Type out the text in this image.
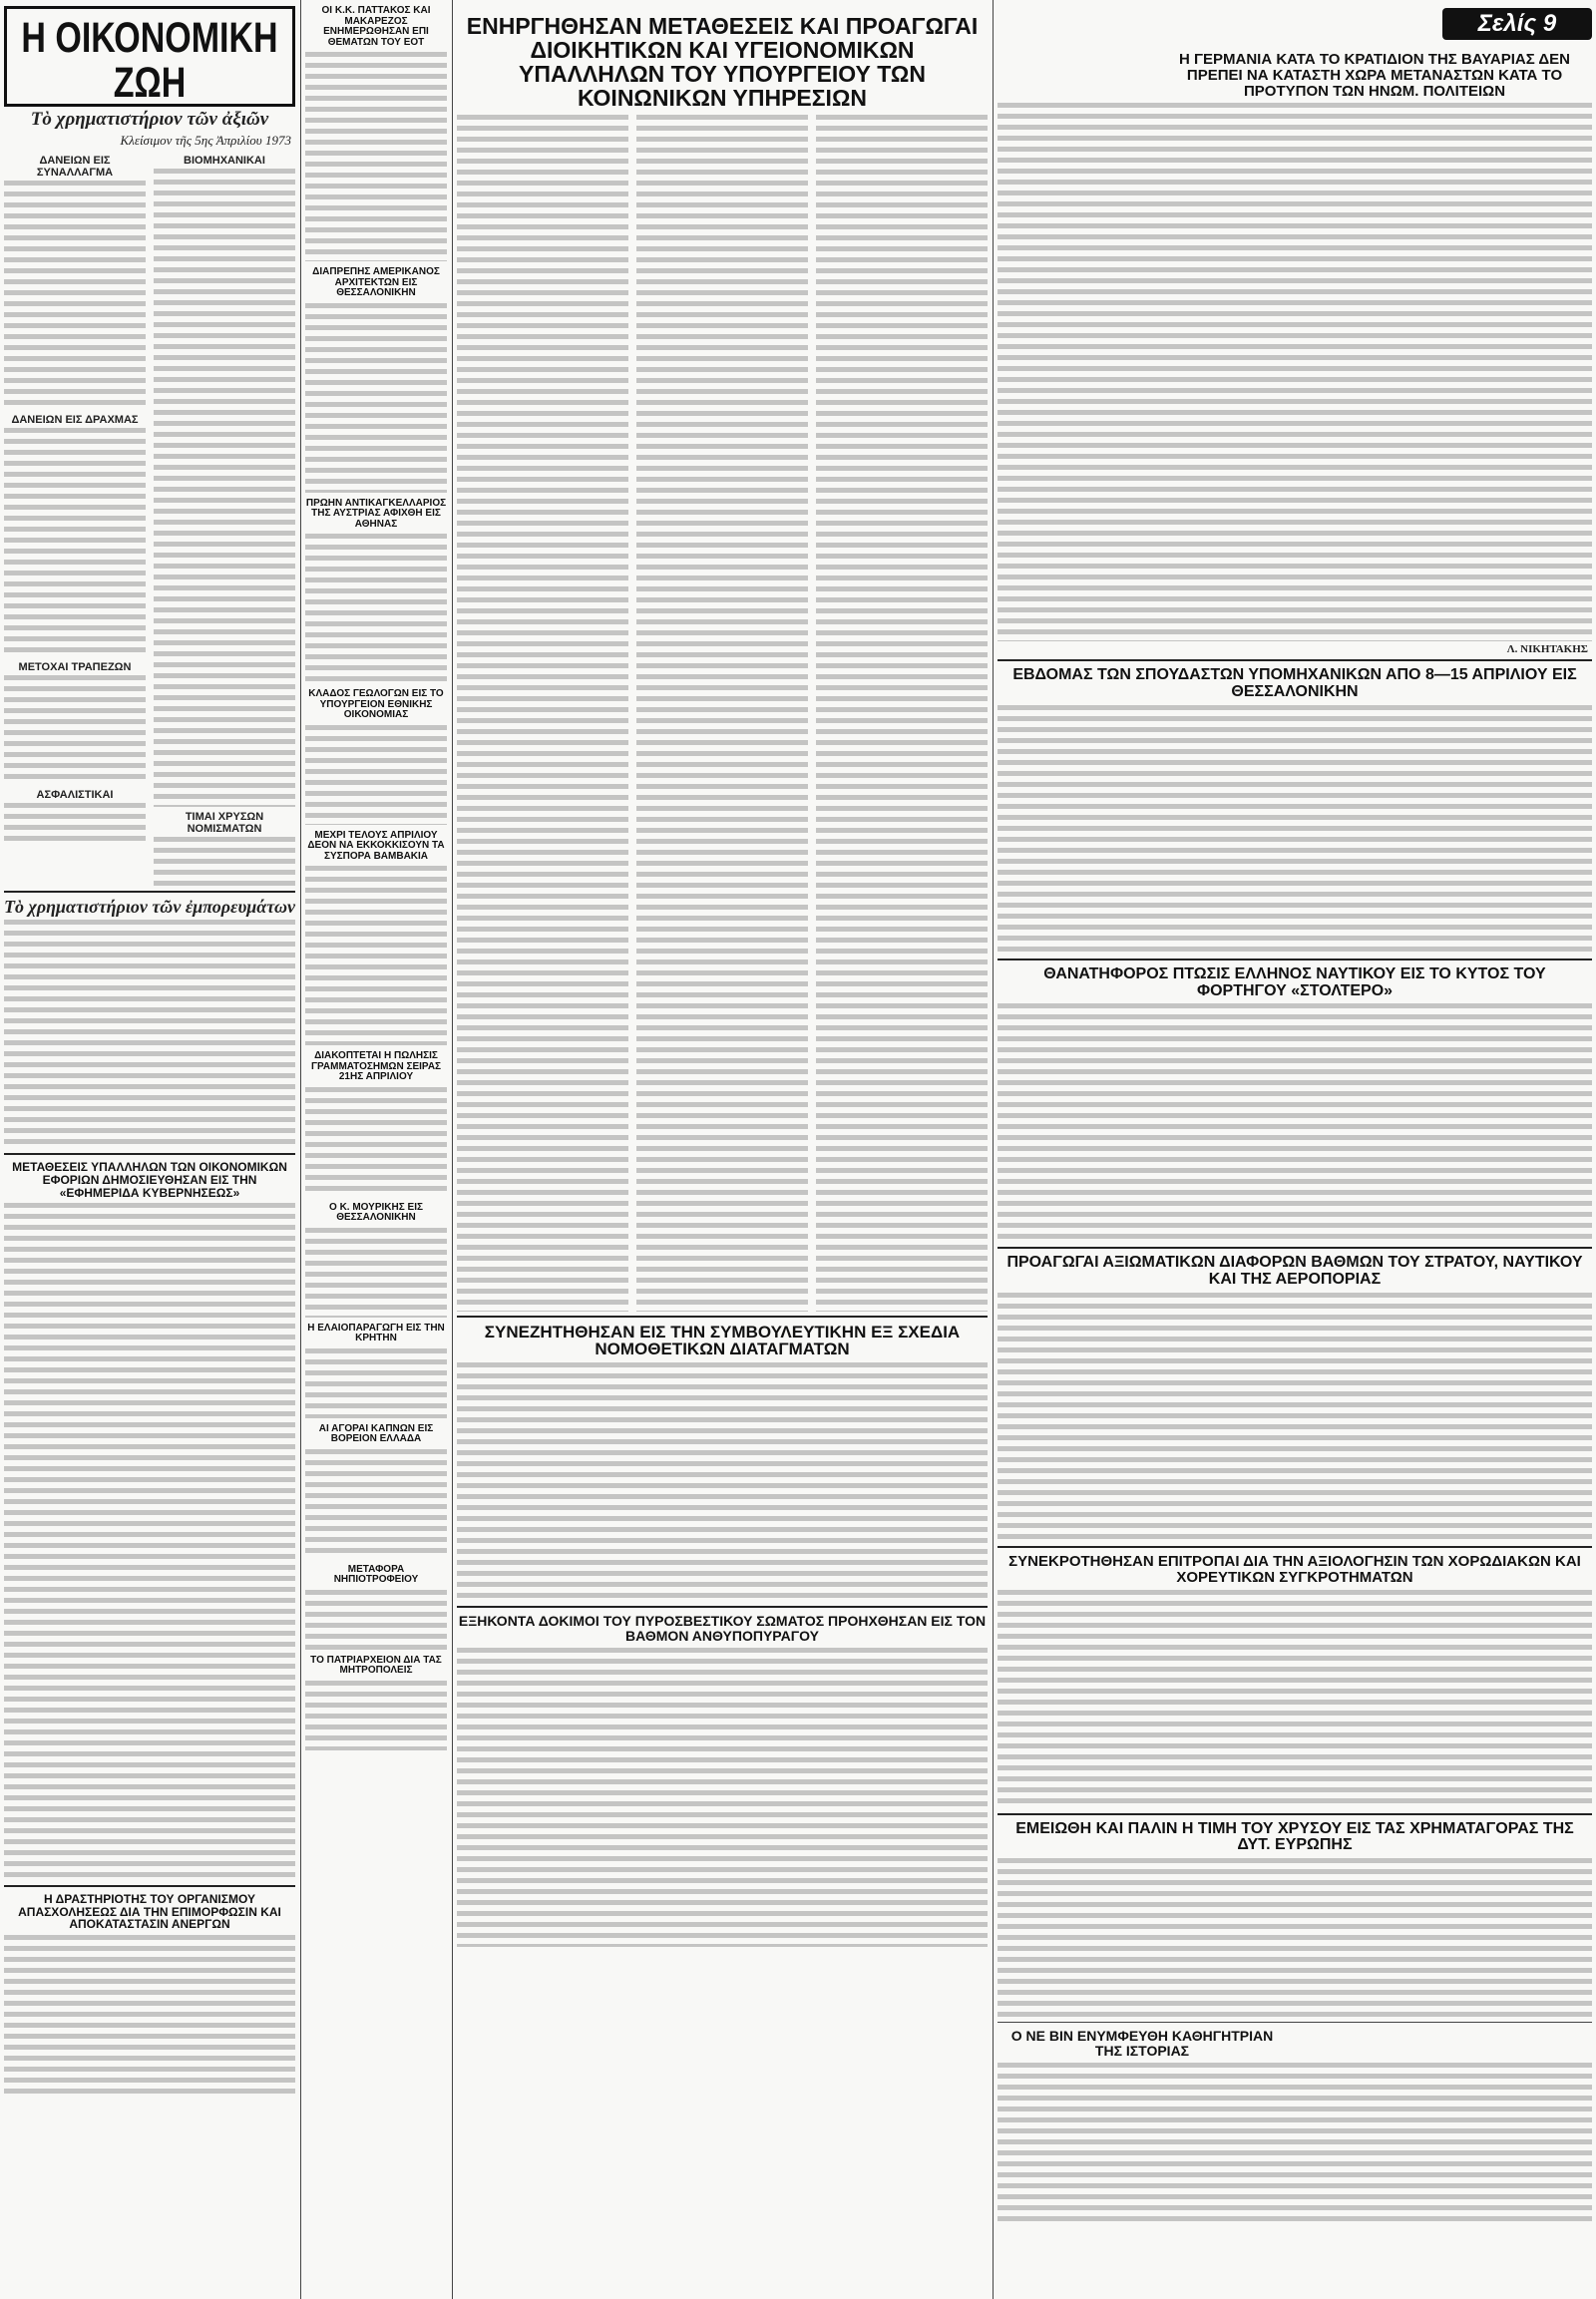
Σελίς 9
Η ΟΙΚΟΝΟΜΙΚΗ ΖΩΗ
Τὸ χρηματιστήριον τῶν ἀξιῶν
Κλείσιμον τῆς 5ης Ἀπριλίου 1973
ΔΑΝΕΙΩΝ ΕΙΣ ΣΥΝΑΛΛΑΓΜΑ
ΔΑΝΕΙΩΝ ΕΙΣ ΔΡΑΧΜΑΣ
ΜΕΤΟΧΑΙ ΤΡΑΠΕΖΩΝ
ΑΣΦΑΛΙΣΤΙΚΑΙ
ΒΙΟΜΗΧΑΝΙΚΑΙ
ΤΙΜΑΙ ΧΡΥΣΩΝ ΝΟΜΙΣΜΑΤΩΝ
Τὸ χρηματιστήριον τῶν ἐμπορευμάτων
ΜΕΤΑΘΕΣΕΙΣ ΥΠΑΛΛΗΛΩΝ ΤΩΝ ΟΙΚΟΝΟΜΙΚΩΝ ΕΦΟΡΙΩΝ ΔΗΜΟΣΙΕΥΘΗΣΑΝ ΕΙΣ ΤΗΝ «ΕΦΗΜΕΡΙΔΑ ΚΥΒΕΡΝΗΣΕΩΣ»
Η ΔΡΑΣΤΗΡΙΟΤΗΣ ΤΟΥ ΟΡΓΑΝΙΣΜΟΥ ΑΠΑΣΧΟΛΗΣΕΩΣ ΔΙΑ ΤΗΝ ΕΠΙΜΟΡΦΩΣΙΝ ΚΑΙ ΑΠΟΚΑΤΑΣΤΑΣΙΝ ΑΝΕΡΓΩΝ
ΟΙ Κ.Κ. ΠΑΤΤΑΚΟΣ ΚΑΙ ΜΑΚΑΡΕΖΟΣ ΕΝΗΜΕΡΩΘΗΣΑΝ ΕΠΙ ΘΕΜΑΤΩΝ ΤΟΥ ΕΟΤ
ΔΙΑΠΡΕΠΗΣ ΑΜΕΡΙΚΑΝΟΣ ΑΡΧΙΤΕΚΤΩΝ ΕΙΣ ΘΕΣΣΑΛΟΝΙΚΗΝ
ΠΡΩΗΝ ΑΝΤΙΚΑΓΚΕΛΛΑΡΙΟΣ ΤΗΣ ΑΥΣΤΡΙΑΣ ΑΦΙΧΘΗ ΕΙΣ ΑΘΗΝΑΣ
ΚΛΑΔΟΣ ΓΕΩΛΟΓΩΝ ΕΙΣ ΤΟ ΥΠΟΥΡΓΕΙΟΝ ΕΘΝΙΚΗΣ ΟΙΚΟΝΟΜΙΑΣ
ΜΕΧΡΙ ΤΕΛΟΥΣ ΑΠΡΙΛΙΟΥ ΔΕΟΝ ΝΑ ΕΚΚΟΚΚΙΣΟΥΝ ΤΑ ΣΥΣΠΟΡΑ ΒΑΜΒΑΚΙΑ
ΔΙΑΚΟΠΤΕΤΑΙ Η ΠΩΛΗΣΙΣ ΓΡΑΜΜΑΤΟΣΗΜΩΝ ΣΕΙΡΑΣ 21ΗΣ ΑΠΡΙΛΙΟΥ
Ο Κ. ΜΟΥΡΙΚΗΣ ΕΙΣ ΘΕΣΣΑΛΟΝΙΚΗΝ
Η ΕΛΑΙΟΠΑΡΑΓΩΓΗ ΕΙΣ ΤΗΝ ΚΡΗΤΗΝ
ΑΙ ΑΓΟΡΑΙ ΚΑΠΝΩΝ ΕΙΣ ΒΟΡΕΙΟΝ ΕΛΛΑΔΑ
ΜΕΤΑΦΟΡΑ ΝΗΠΙΟΤΡΟΦΕΙΟΥ
ΤΟ ΠΑΤΡΙΑΡΧΕΙΟΝ ΔΙΑ ΤΑΣ ΜΗΤΡΟΠΟΛΕΙΣ
ΕΝΗΡΓΗΘΗΣΑΝ ΜΕΤΑΘΕΣΕΙΣ ΚΑΙ ΠΡΟΑΓΩΓΑΙ ΔΙΟΙΚΗΤΙΚΩΝ ΚΑΙ ΥΓΕΙΟΝΟΜΙΚΩΝ ΥΠΑΛΛΗΛΩΝ ΤΟΥ ΥΠΟΥΡΓΕΙΟΥ ΤΩΝ ΚΟΙΝΩΝΙΚΩΝ ΥΠΗΡΕΣΙΩΝ
ΣΥΝΕΖΗΤΗΘΗΣΑΝ ΕΙΣ ΤΗΝ ΣΥΜΒΟΥΛΕΥΤΙΚΗΝ ΕΞ ΣΧΕΔΙΑ ΝΟΜΟΘΕΤΙΚΩΝ ΔΙΑΤΑΓΜΑΤΩΝ
ΕΞΗΚΟΝΤΑ ΔΟΚΙΜΟΙ ΤΟΥ ΠΥΡΟΣΒΕΣΤΙΚΟΥ ΣΩΜΑΤΟΣ ΠΡΟΗΧΘΗΣΑΝ ΕΙΣ ΤΟΝ ΒΑΘΜΟΝ ΑΝΘΥΠΟΠΥΡΑΓΟΥ
Η ΓΕΡΜΑΝΙΑ ΚΑΤΑ ΤΟ ΚΡΑΤΙΔΙΟΝ ΤΗΣ ΒΑΥΑΡΙΑΣ ΔΕΝ ΠΡΕΠΕΙ ΝΑ ΚΑΤΑΣΤΗ ΧΩΡΑ ΜΕΤΑΝΑΣΤΩΝ ΚΑΤΑ ΤΟ ΠΡΟΤΥΠΟΝ ΤΩΝ ΗΝΩΜ. ΠΟΛΙΤΕΙΩΝ
Λ. ΝΙΚΗΤΑΚΗΣ
ΕΒΔΟΜΑΣ ΤΩΝ ΣΠΟΥΔΑΣΤΩΝ ΥΠΟΜΗΧΑΝΙΚΩΝ ΑΠΟ 8—15 ΑΠΡΙΛΙΟΥ ΕΙΣ ΘΕΣΣΑΛΟΝΙΚΗΝ
ΘΑΝΑΤΗΦΟΡΟΣ ΠΤΩΣΙΣ ΕΛΛΗΝΟΣ ΝΑΥΤΙΚΟΥ ΕΙΣ ΤΟ ΚΥΤΟΣ ΤΟΥ ΦΟΡΤΗΓΟΥ «ΣΤΟΛΤΕΡΟ»
ΠΡΟΑΓΩΓΑΙ ΑΞΙΩΜΑΤΙΚΩΝ ΔΙΑΦΟΡΩΝ ΒΑΘΜΩΝ ΤΟΥ ΣΤΡΑΤΟΥ, ΝΑΥΤΙΚΟΥ ΚΑΙ ΤΗΣ ΑΕΡΟΠΟΡΙΑΣ
ΣΥΝΕΚΡΟΤΗΘΗΣΑΝ ΕΠΙΤΡΟΠΑΙ ΔΙΑ ΤΗΝ ΑΞΙΟΛΟΓΗΣΙΝ ΤΩΝ ΧΟΡΩΔΙΑΚΩΝ ΚΑΙ ΧΟΡΕΥΤΙΚΩΝ ΣΥΓΚΡΟΤΗΜΑΤΩΝ
ΕΜΕΙΩΘΗ ΚΑΙ ΠΑΛΙΝ Η ΤΙΜΗ ΤΟΥ ΧΡΥΣΟΥ ΕΙΣ ΤΑΣ ΧΡΗΜΑΤΑΓΟΡΑΣ ΤΗΣ ΔΥΤ. ΕΥΡΩΠΗΣ
Ο ΝΕ ΒΙΝ ΕΝΥΜΦΕΥΘΗ ΚΑΘΗΓΗΤΡΙΑΝ ΤΗΣ ΙΣΤΟΡΙΑΣ
